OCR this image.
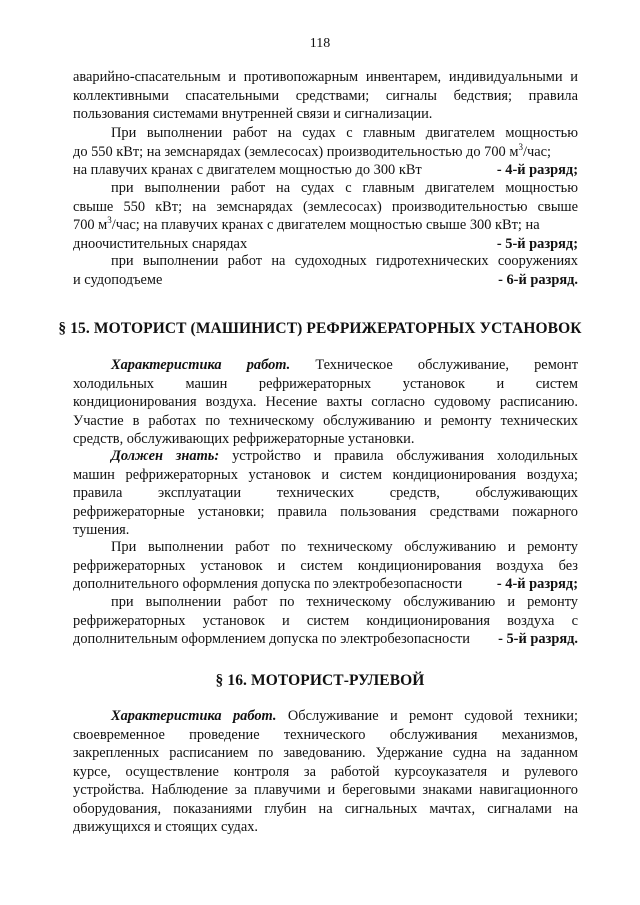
118
аварийно-спасательным и противопожарным инвентарем, индивидуальными и
коллективными спасательными средствами; сигналы бедствия; правила
пользования системами внутренней связи и сигнализации.
При выполнении работ на судах с главным двигателем мощностью
до 550 кВт; на земснарядах (землесосах) производительностью до 700 $м^3$/час;
на плавучих кранах с двигателем мощностью до 300 кВт	- 4-й разряд;
при выполнении работ на судах с главным двигателем мощностью
свыше 550 кВт; на земснарядах (землесосах) производительностью свыше
700 $м^3$/час; на плавучих кранах с двигателем мощностью свыше 300 кВт; на
дноочистительных снарядах	- 5-й разряд;
при выполнении работ на судоходных гидротехнических сооружениях
и судоподъеме	- 6-й разряд.
§ 15. МОТОРИСТ (МАШИНИСТ) РЕФРИЖЕРАТОРНЫХ УСТАНОВОК
Характеристика работ. Техническое обслуживание, ремонт
холодильных машин рефрижераторных установок и систем
кондиционирования воздуха. Несение вахты согласно судовому расписанию.
Участие в работах по техническому обслуживанию и ремонту технических
средств, обслуживающих рефрижераторные установки.
Должен знать: устройство и правила обслуживания холодильных
машин рефрижераторных установок и систем кондиционирования воздуха;
правила эксплуатации технических средств, обслуживающих
рефрижераторные установки; правила пользования средствами пожарного
тушения.
При выполнении работ по техническому обслуживанию и ремонту
рефрижераторных установок и систем кондиционирования воздуха без
дополнительного оформления допуска по электробезопасности - 4-й разряд;
при выполнении работ по техническому обслуживанию и ремонту
рефрижераторных установок и систем кондиционирования воздуха с
дополнительным оформлением допуска по электробезопасности - 5-й разряд.
§ 16. МОТОРИСТ-РУЛЕВОЙ
Характеристика работ. Обслуживание и ремонт судовой техники;
своевременное проведение технического обслуживания механизмов,
закрепленных расписанием по заведованию. Удержание судна на заданном
курсе, осуществление контроля за работой курсоуказателя и рулевого
устройства. Наблюдение за плавучими и береговыми знаками навигационного
оборудования, показаниями глубин на сигнальных мачтах, сигналами на
движущихся и стоящих судах.
